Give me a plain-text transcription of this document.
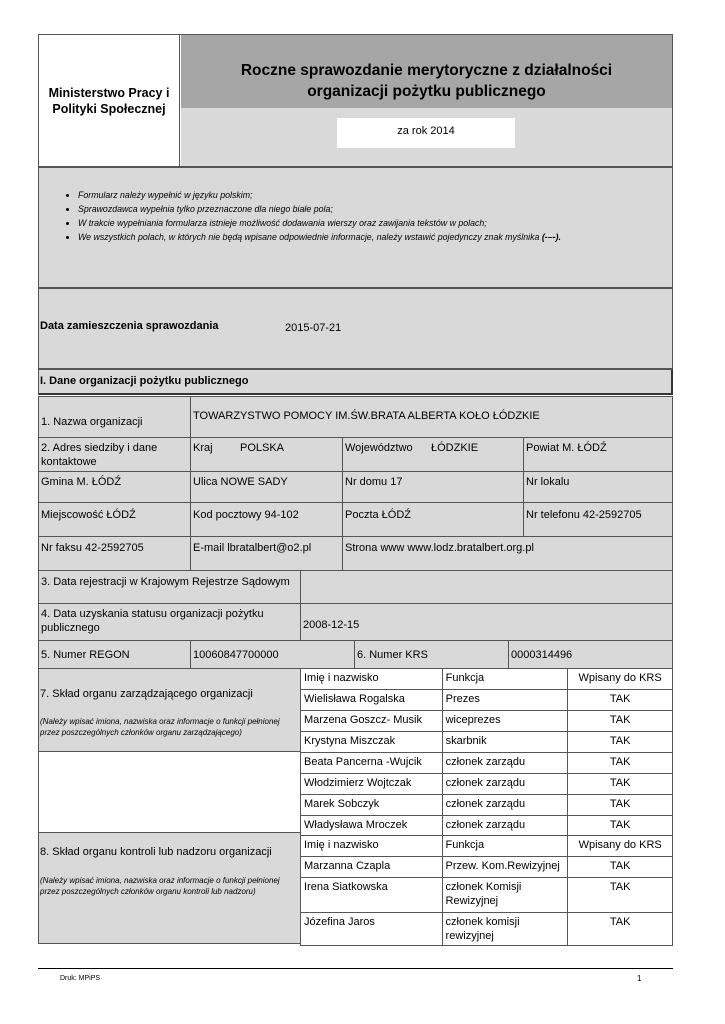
Ministerstwo Pracy i Polityki Społecznej
Roczne sprawozdanie merytoryczne z działalności
organizacji pożytku publicznego
za rok 2014
• Formularz należy wypełnić w języku polskim;
• Sprawozdawca wypełnia tylko przeznaczone dla niego białe pola;
• W trakcie wypełniania formularza istnieje możliwość dodawania wierszy oraz zawijania tekstów w polach;
• We wszystkich polach, w których nie będą wpisane odpowiednie informacje, należy wstawić pojedynczy znak myślnika (-–-).
Data zamieszczenia sprawozdania	2015-07-21
I. Dane organizacji pożytku publicznego
1. Nazwa organizacji	TOWARZYSTWO POMOCY IM.ŚW.BRATA ALBERTA KOŁO ŁÓDZKIE
2. Adres siedziby i dane kontaktowe
Kraj POLSKA	Województwo ŁÓDZKIE	Powiat M. ŁÓDŹ
Gmina M. ŁÓDŹ	Ulica NOWE SADY	Nr domu 17	Nr lokalu
Miejscowość ŁÓDŹ	Kod pocztowy 94-102	Poczta ŁÓDŹ	Nr telefonu 42-2592705
Nr faksu 42-2592705	E-mail lbratalbert@o2.pl	Strona www www.lodz.bratalbert.org.pl
3. Data rejestracji w Krajowym Rejestrze Sądowym
4. Data uzyskania statusu organizacji pożytku publicznego	2008-12-15
5. Numer REGON	10060847700000	6. Numer KRS	0000314496
7. Skład organu zarządzającego organizacji
(Należy wpisać imiona, nazwiska oraz informacje o funkcji pełnionej przez poszczególnych członków organu zarządzającego)
Imię i nazwisko	Funkcja	Wpisany do KRS
Wielisława Rogalska	Prezes	TAK
Marzena Goszcz- Musik	wiceprezes	TAK
Krystyna Miszczak	skarbnik	TAK
Beata Pancerna -Wujcik	członek zarządu	TAK
Włodzimierz Wojtczak	członek zarządu	TAK
Marek Sobczyk	członek zarządu	TAK
Władysława Mroczek	członek zarządu	TAK
8. Skład organu kontroli lub nadzoru organizacji
(Należy wpisać imiona, nazwiska oraz informacje o funkcji pełnionej przez poszczególnych członków organu kontroli lub nadzoru)
Imię i nazwisko	Funkcja	Wpisany do KRS
Marzanna Czapla	Przew. Kom.Rewizyjnej	TAK
Irena Siatkowska	członek Komisji Rewizyjnej	TAK
Józefina Jaros	członek komisji rewizyjnej	TAK
Druk: MPiPS	1
